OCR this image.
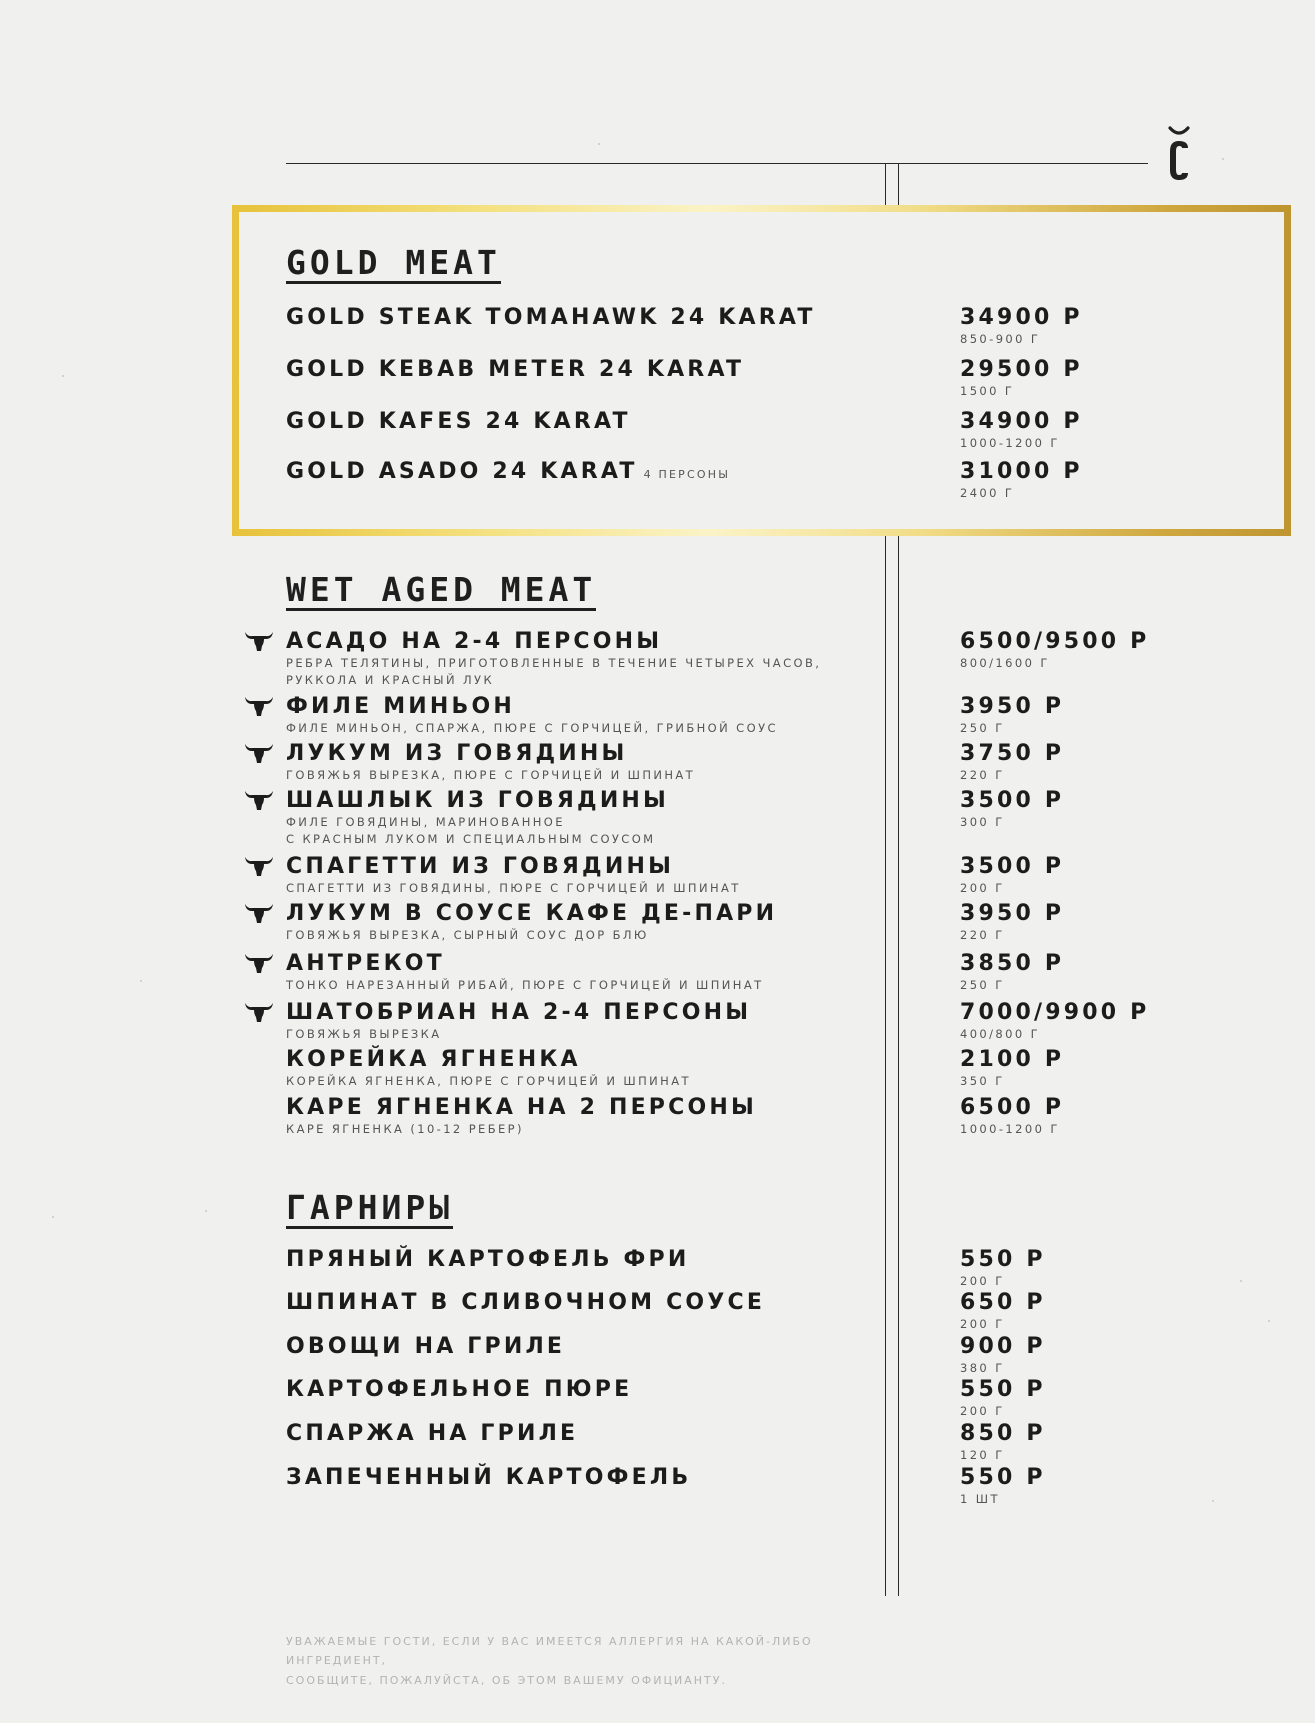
GOLD MEAT
GOLD STEAK TOMAHAWK 24 KARAT	34900 Р
850-900 Г
GOLD KEBAB METER 24 KARAT	29500 Р
1500 Г
GOLD KAFES 24 KARAT	34900 Р
1000-1200 Г
GOLD ASADO 24 KARAT 4 ПЕРСОНЫ	31000 Р
2400 Г
WET AGED MEAT
АСАДО НА 2-4 ПЕРСОНЫ
РЕБРА ТЕЛЯТИНЫ, ПРИГОТОВЛЕННЫЕ В ТЕЧЕНИЕ ЧЕТЫРЕХ ЧАСОВ,
РУККОЛА И КРАСНЫЙ ЛУК
6500/9500 Р
800/1600 Г
ФИЛЕ МИНЬОН
ФИЛЕ МИНЬОН, СПАРЖА, ПЮРЕ С ГОРЧИЦЕЙ, ГРИБНОЙ СОУС
3950 Р
250 Г
ЛУКУМ ИЗ ГОВЯДИНЫ
ГОВЯЖЬЯ ВЫРЕЗКА, ПЮРЕ С ГОРЧИЦЕЙ И ШПИНАТ
3750 Р
220 Г
ШАШЛЫК ИЗ ГОВЯДИНЫ
ФИЛЕ ГОВЯДИНЫ, МАРИНОВАННОЕ
С КРАСНЫМ ЛУКОМ И СПЕЦИАЛЬНЫМ СОУСОМ
3500 Р
300 Г
СПАГЕТТИ ИЗ ГОВЯДИНЫ
СПАГЕТТИ ИЗ ГОВЯДИНЫ, ПЮРЕ С ГОРЧИЦЕЙ И ШПИНАТ
3500 Р
200 Г
ЛУКУМ В СОУСЕ КАФЕ ДЕ-ПАРИ
ГОВЯЖЬЯ ВЫРЕЗКА, СЫРНЫЙ СОУС ДОР БЛЮ
3950 Р
220 Г
АНТРЕКОТ
ТОНКО НАРЕЗАННЫЙ РИБАЙ, ПЮРЕ С ГОРЧИЦЕЙ И ШПИНАТ
3850 Р
250 Г
ШАТОБРИАН НА 2-4 ПЕРСОНЫ
ГОВЯЖЬЯ ВЫРЕЗКА
7000/9900 Р
400/800 Г
КОРЕЙКА ЯГНЕНКА
КОРЕЙКА ЯГНЕНКА, ПЮРЕ С ГОРЧИЦЕЙ И ШПИНАТ
2100 Р
350 Г
КАРЕ ЯГНЕНКА НА 2 ПЕРСОНЫ
КАРЕ ЯГНЕНКА (10-12 РЕБЕР)
6500 Р
1000-1200 Г
ГАРНИРЫ
ПРЯНЫЙ КАРТОФЕЛЬ ФРИ	550 Р
200 Г
ШПИНАТ В СЛИВОЧНОМ СОУСЕ	650 Р
200 Г
ОВОЩИ НА ГРИЛЕ	900 Р
380 Г
КАРТОФЕЛЬНОЕ ПЮРЕ	550 Р
200 Г
СПАРЖА НА ГРИЛЕ	850 Р
120 Г
ЗАПЕЧЕННЫЙ КАРТОФЕЛЬ	550 Р
1 ШТ
УВАЖАЕМЫЕ ГОСТИ, ЕСЛИ У ВАС ИМЕЕТСЯ АЛЛЕРГИЯ НА КАКОЙ-ЛИБО ИНГРЕДИЕНТ,
СООБЩИТЕ, ПОЖАЛУЙСТА, ОБ ЭТОМ ВАШЕМУ ОФИЦИАНТУ.
